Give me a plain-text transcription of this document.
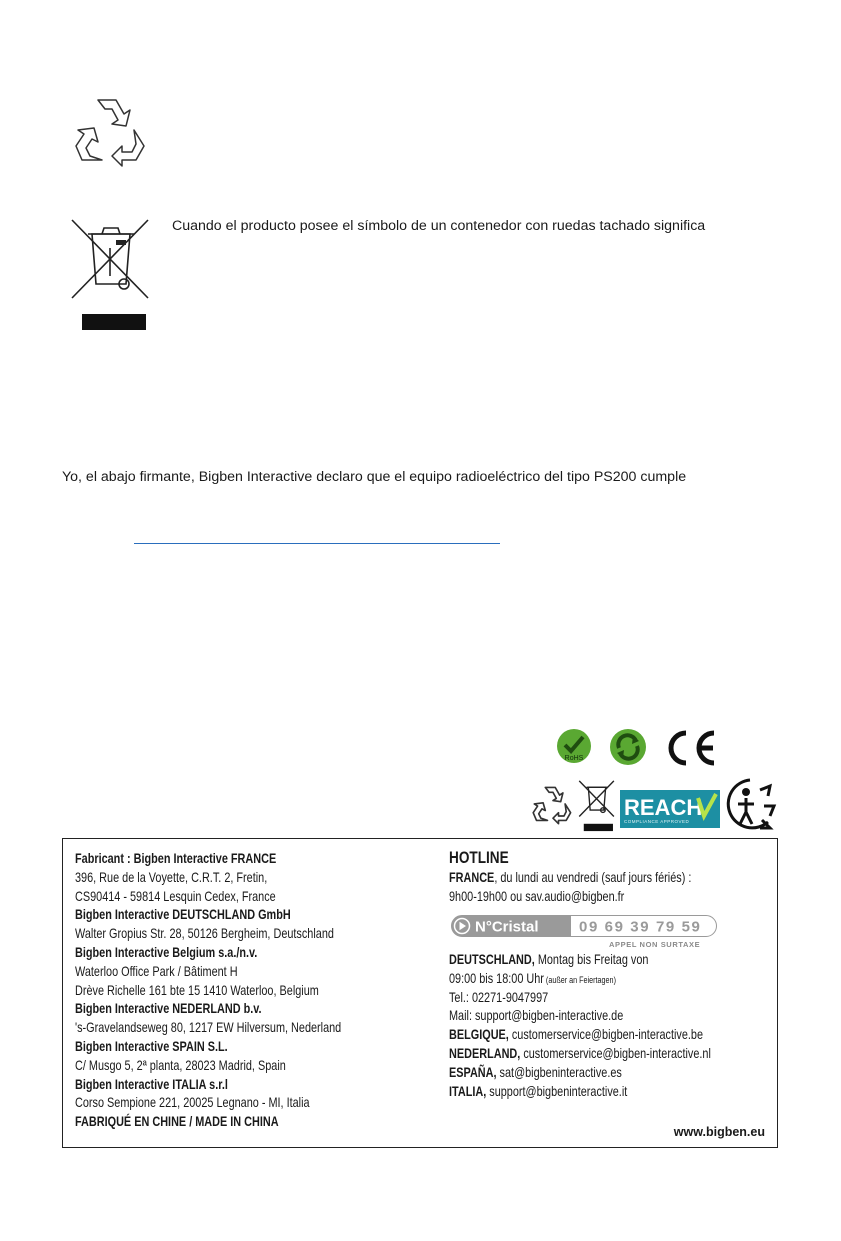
Cuando el producto posee el símbolo de un contenedor con ruedas tachado significa
Yo, el abajo firmante, Bigben Interactive declaro que el equipo radioeléctrico del tipo PS200 cumple
RoHS
REACH
COMPLIANCE APPROVED
Fabricant : Bigben Interactive FRANCE
396, Rue de la Voyette, C.R.T. 2, Fretin,
CS90414 - 59814 Lesquin Cedex, France
Bigben Interactive DEUTSCHLAND GmbH
Walter Gropius Str. 28, 50126 Bergheim, Deutschland
Bigben Interactive Belgium s.a./n.v.
Waterloo Office Park / Bâtiment H
Drève Richelle 161 bte 15 1410 Waterloo, Belgium
Bigben Interactive NEDERLAND b.v.
's-Gravelandseweg 80, 1217 EW Hilversum, Nederland
Bigben Interactive SPAIN S.L.
C/ Musgo 5, 2ª planta, 28023 Madrid, Spain
Bigben Interactive ITALIA s.r.l
Corso Sempione 221, 20025 Legnano - MI, Italia
FABRIQUÉ EN CHINE / MADE IN CHINA
HOTLINE
FRANCE, du lundi au vendredi (sauf jours fériés) :
9h00-19h00 ou sav.audio@bigben.fr
N°Cristal	09 69 39 79 59
APPEL NON SURTAXE
DEUTSCHLAND, Montag bis Freitag von
09:00 bis 18:00 Uhr (außer an Feiertagen)
Tel.: 02271-9047997
Mail: support@bigben-interactive.de
BELGIQUE, customerservice@bigben-interactive.be
NEDERLAND, customerservice@bigben-interactive.nl
ESPAÑA, sat@bigbeninteractive.es
ITALIA, support@bigbeninteractive.it
www.bigben.eu
